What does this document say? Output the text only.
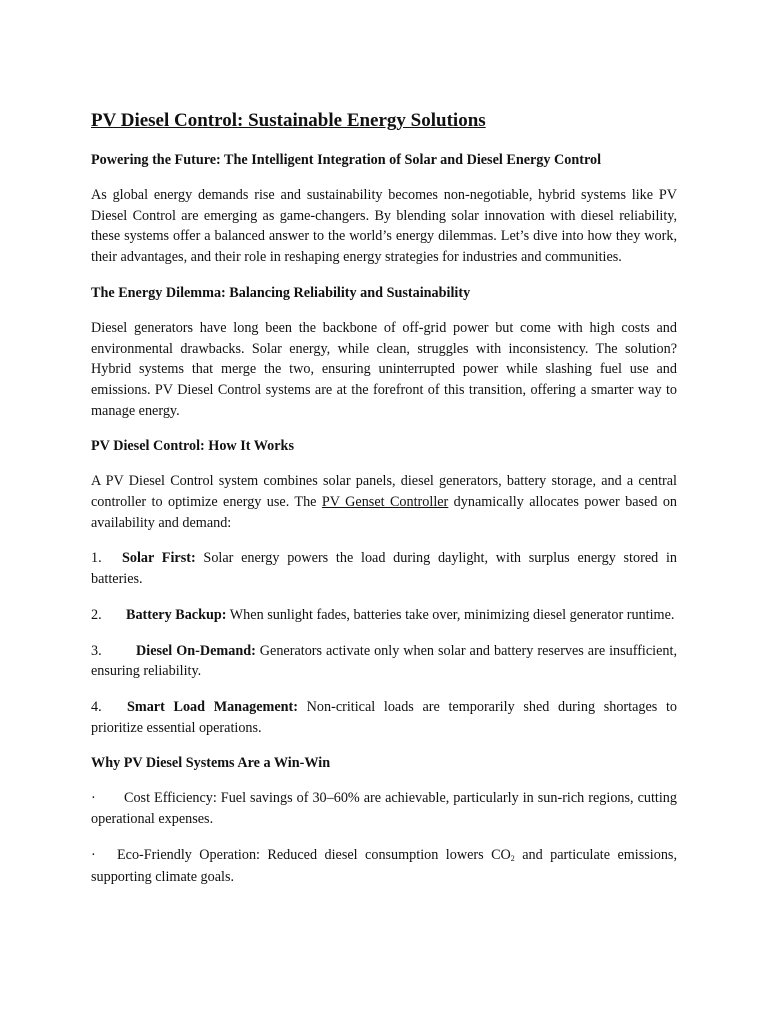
PV Diesel Control: Sustainable Energy Solutions
Powering the Future: The Intelligent Integration of Solar and Diesel Energy Control

As global energy demands rise and sustainability becomes non-negotiable, hybrid systems like PV Diesel Control are emerging as game-changers. By blending solar innovation with diesel reliability, these systems offer a balanced answer to the world’s energy dilemmas. Let’s dive into how they work, their advantages, and their role in reshaping energy strategies for industries and communities.

The Energy Dilemma: Balancing Reliability and Sustainability

Diesel generators have long been the backbone of off-grid power but come with high costs and environmental drawbacks. Solar energy, while clean, struggles with inconsistency. The solution? Hybrid systems that merge the two, ensuring uninterrupted power while slashing fuel use and emissions. PV Diesel Control systems are at the forefront of this transition, offering a smarter way to manage energy.

PV Diesel Control: How It Works

A PV Diesel Control system combines solar panels, diesel generators, battery storage, and a central controller to optimize energy use. The PV Genset Controller dynamically allocates power based on availability and demand:

1. Solar First: Solar energy powers the load during daylight, with surplus energy stored in batteries.

2. Battery Backup: When sunlight fades, batteries take over, minimizing diesel generator runtime.

3. Diesel On-Demand: Generators activate only when solar and battery reserves are insufficient, ensuring reliability.

4. Smart Load Management: Non-critical loads are temporarily shed during shortages to prioritize essential operations.

Why PV Diesel Systems Are a Win-Win

· Cost Efficiency: Fuel savings of 30–60% are achievable, particularly in sun-rich regions, cutting operational expenses.

· Eco-Friendly Operation: Reduced diesel consumption lowers $CO_2$ and particulate emissions, supporting climate goals.
